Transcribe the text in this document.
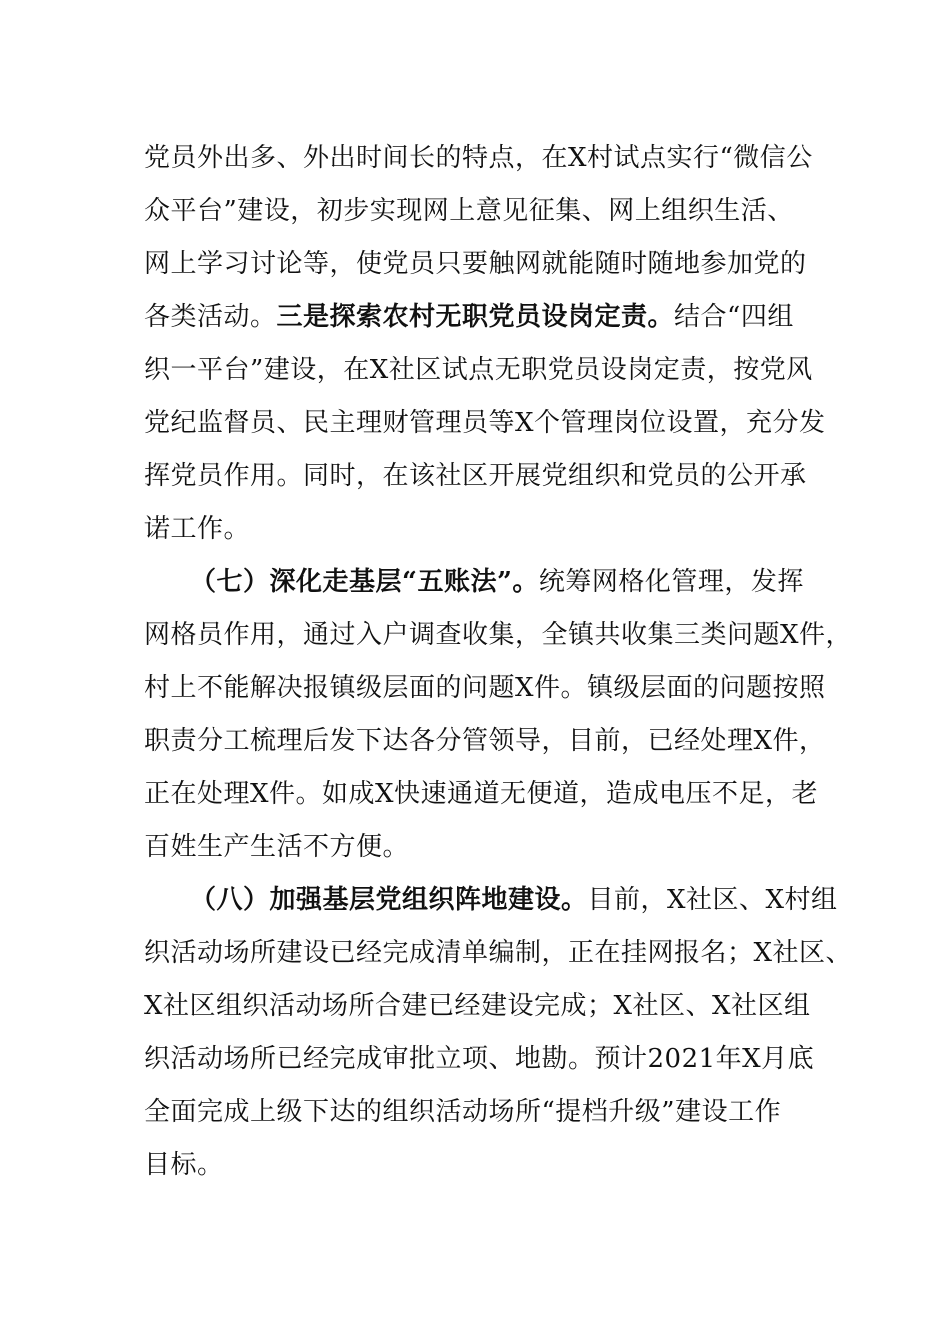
党员外出多、外出时间长的特点，在X村试点实行“微信公
众平台”建设，初步实现网上意见征集、网上组织生活、
网上学习讨论等，使党员只要触网就能随时随地参加党的
各类活动。三是探索农村无职党员设岗定责。结合“四组
织一平台”建设，在X社区试点无职党员设岗定责，按党风
党纪监督员、民主理财管理员等X个管理岗位设置，充分发
挥党员作用。同时，在该社区开展党组织和党员的公开承
诺工作。
（七）深化走基层“五账法”。统筹网格化管理，发挥
网格员作用，通过入户调查收集，全镇共收集三类问题X件，
村上不能解决报镇级层面的问题X件。镇级层面的问题按照
职责分工梳理后发下达各分管领导，目前，已经处理X件，
正在处理X件。如成X快速通道无便道，造成电压不足，老
百姓生产生活不方便。
（八）加强基层党组织阵地建设。目前，X社区、X村组
织活动场所建设已经完成清单编制，正在挂网报名；X社区、
X社区组织活动场所合建已经建设完成；X社区、X社区组
织活动场所已经完成审批立项、地勘。预计2021年X月底
全面完成上级下达的组织活动场所“提档升级”建设工作
目标。
